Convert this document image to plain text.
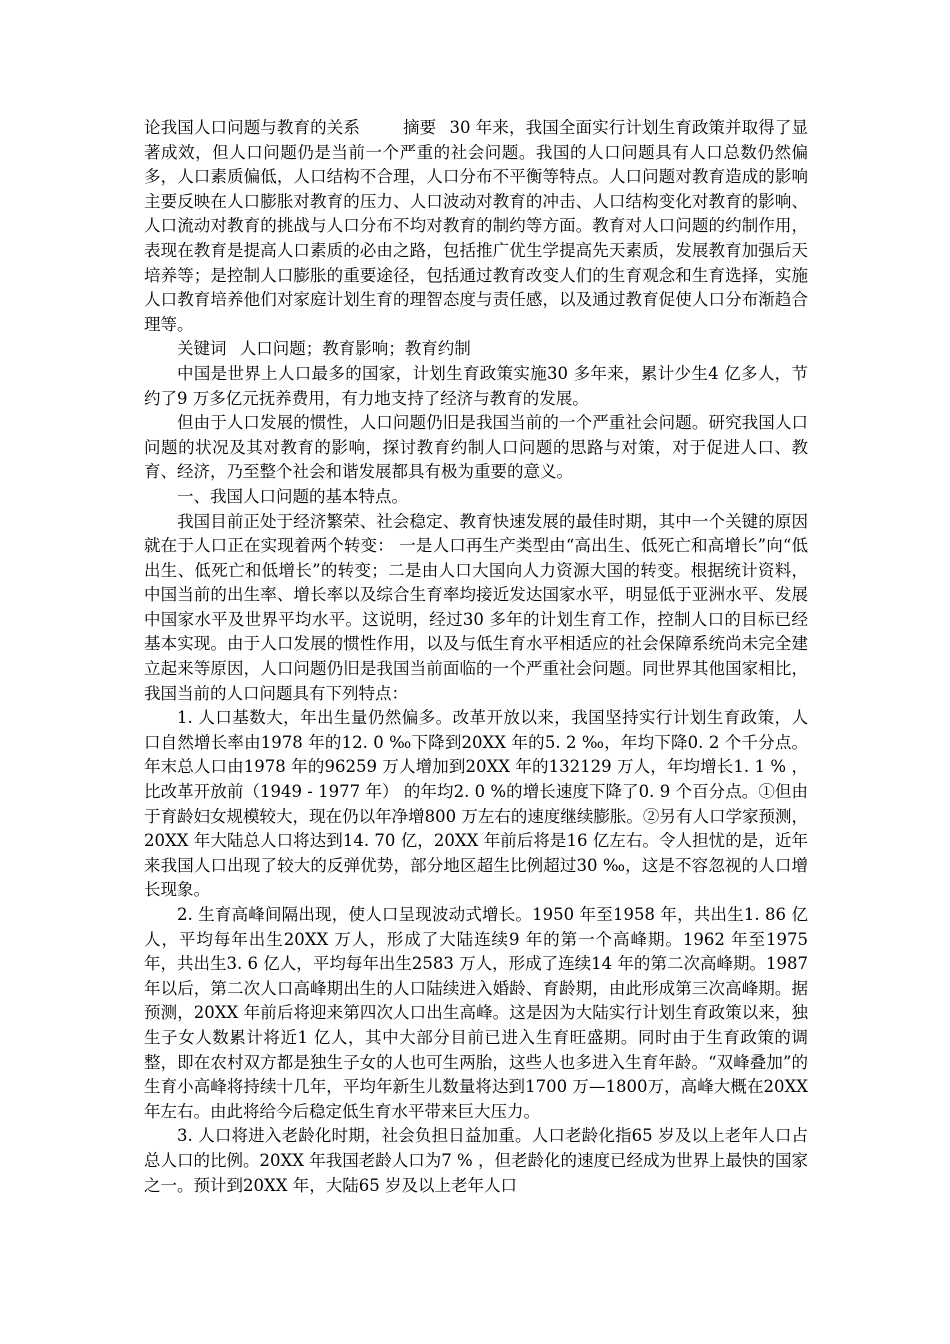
论我国人口问题与教育的关系	摘要 30 年来，我国全面实行计划生育政策并取得了显著成效，但人口问题仍是当前一个严重的社会问题。我国的人口问题具有人口总数仍然偏多，人口素质偏低，人口结构不合理，人口分布不平衡等特点。人口问题对教育造成的影响主要反映在人口膨胀对教育的压力、人口波动对教育的冲击、人口结构变化对教育的影响、人口流动对教育的挑战与人口分布不均对教育的制约等方面。教育对人口问题的约制作用，表现在教育是提高人口素质的必由之路，包括推广优生学提高先天素质，发展教育加强后天培养等；是控制人口膨胀的重要途径，包括通过教育改变人们的生育观念和生育选择，实施人口教育培养他们对家庭计划生育的理智态度与责任感，以及通过教育促使人口分布渐趋合理等。

关键词 人口问题；教育影响；教育约制

中国是世界上人口最多的国家，计划生育政策实施30 多年来，累计少生4 亿多人，节约了9 万多亿元抚养费用，有力地支持了经济与教育的发展。

但由于人口发展的惯性，人口问题仍旧是我国当前的一个严重社会问题。研究我国人口问题的状况及其对教育的影响，探讨教育约制人口问题的思路与对策，对于促进人口、教育、经济，乃至整个社会和谐发展都具有极为重要的意义。

一、我国人口问题的基本特点。

我国目前正处于经济繁荣、社会稳定、教育快速发展的最佳时期，其中一个关键的原因就在于人口正在实现着两个转变： 一是人口再生产类型由“高出生、低死亡和高增长”向“低出生、低死亡和低增长”的转变；二是由人口大国向人力资源大国的转变。根据统计资料，中国当前的出生率、增长率以及综合生育率均接近发达国家水平，明显低于亚洲水平、发展中国家水平及世界平均水平。这说明，经过30 多年的计划生育工作，控制人口的目标已经基本实现。由于人口发展的惯性作用，以及与低生育水平相适应的社会保障系统尚未完全建立起来等原因，人口问题仍旧是我国当前面临的一个严重社会问题。同世界其他国家相比，我国当前的人口问题具有下列特点：

1. 人口基数大，年出生量仍然偏多。改革开放以来，我国坚持实行计划生育政策，人口自然增长率由1978 年的12. 0 ‰下降到20XX 年的5. 2 ‰，年均下降0. 2 个千分点。年末总人口由1978 年的96259 万人增加到20XX 年的132129 万人，年均增长1. 1 % ，比改革开放前（1949 - 1977 年） 的年均2. 0 %的增长速度下降了0. 9 个百分点。①但由于育龄妇女规模较大，现在仍以年净增800 万左右的速度继续膨胀。②另有人口学家预测，20XX 年大陆总人口将达到14. 70 亿，20XX 年前后将是16 亿左右。令人担忧的是，近年来我国人口出现了较大的反弹优势，部分地区超生比例超过30 ‰，这是不容忽视的人口增长现象。

2. 生育高峰间隔出现，使人口呈现波动式增长。1950 年至1958 年，共出生1. 86 亿人，平均每年出生20XX 万人，形成了大陆连续9 年的第一个高峰期。1962 年至1975 年，共出生3. 6 亿人，平均每年出生2583 万人，形成了连续14 年的第二次高峰期。1987 年以后，第二次人口高峰期出生的人口陆续进入婚龄、育龄期，由此形成第三次高峰期。据预测，20XX 年前后将迎来第四次人口出生高峰。这是因为大陆实行计划生育政策以来，独生子女人数累计将近1 亿人，其中大部分目前已进入生育旺盛期。同时由于生育政策的调整，即在农村双方都是独生子女的人也可生两胎，这些人也多进入生育年龄。“双峰叠加”的生育小高峰将持续十几年，平均年新生儿数量将达到1700 万—1800万，高峰大概在20XX 年左右。由此将给今后稳定低生育水平带来巨大压力。

3. 人口将进入老龄化时期，社会负担日益加重。人口老龄化指65 岁及以上老年人口占总人口的比例。20XX 年我国老龄人口为7 % ，但老龄化的速度已经成为世界上最快的国家之一。预计到20XX 年，大陆65 岁及以上老年人口
